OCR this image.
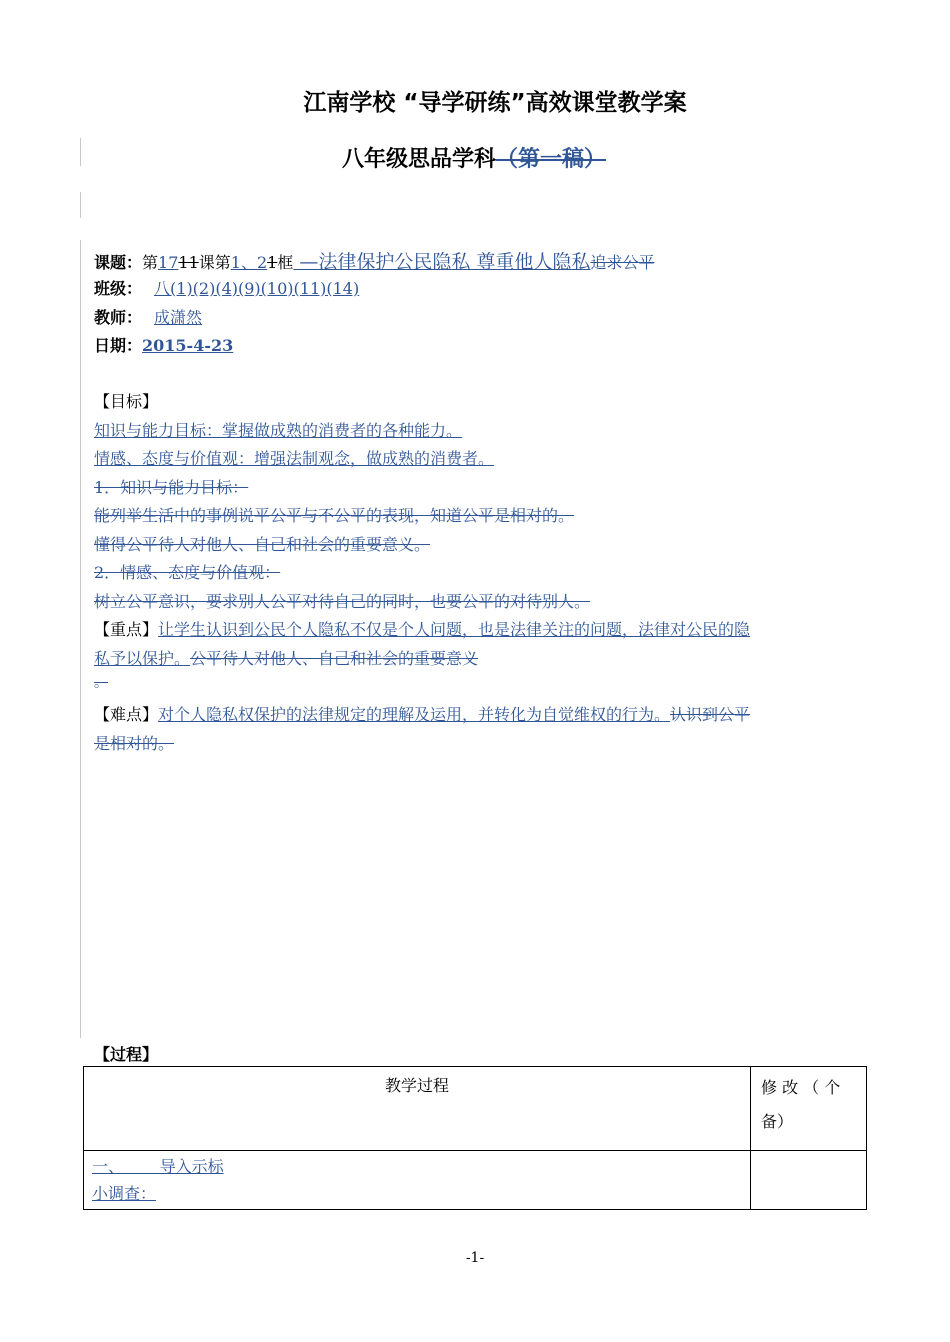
江南学校 “导学研练”高效课堂教学案
八年级思品学科（第一稿）
课题：第1711课第1、21框 —法律保护公民隐私 尊重他人隐私追求公平
班级： 八(1)(2)(4)(9)(10)(11)(14)
教师： 成潇然
日期：2015-4-23
【目标】
知识与能力目标：掌握做成熟的消费者的各种能力。
情感、态度与价值观：增强法制观念，做成熟的消费者。
1．知识与能力目标：
能列举生活中的事例说平公平与不公平的表现，知道公平是相对的。
懂得公平待人对他人、自己和社会的重要意义。
2．情感、态度与价值观：
树立公平意识，要求别人公平对待自己的同时，也要公平的对待别人。
【重点】让学生认识到公民个人隐私不仅是个人问题，也是法律关注的问题，法律对公民的隐
私予以保护。公平待人对他人、自己和社会的重要意义
。
【难点】对个人隐私权保护的法律规定的理解及运用，并转化为自觉维权的行为。认识到公平
是相对的。
【过程】
教学过程	修 改 （ 个
备）

一、       导入示标
小调查：	

-1-
